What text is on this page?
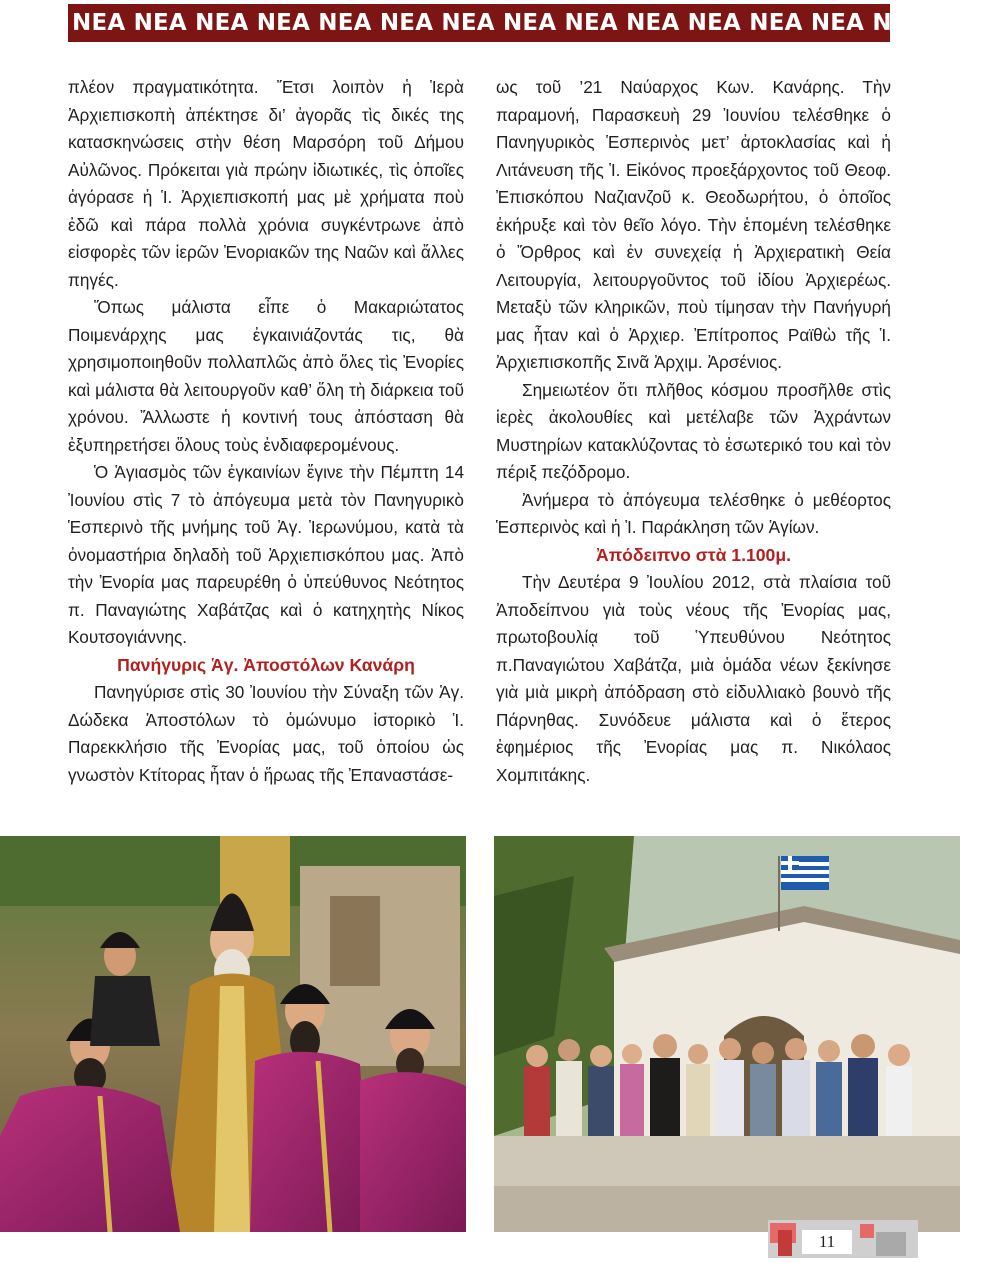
ΝΕΑ ΝΕΑ ΝΕΑ ΝΕΑ ΝΕΑ ΝΕΑ ΝΕΑ ΝΕΑ ΝΕΑ ΝΕΑ ΝΕΑ ΝΕΑ ΝΕΑ ΝΕΑ ΝΕΑ

πλέον πραγματικότητα. Ἔτσι λοιπὸν ἡ Ἱερὰ Ἀρχιεπισκοπὴ ἀπέκτησε δι’ ἀγορᾶς τὶς δικές της κατασκηνώσεις στὴν θέση Μαρσόρη τοῦ Δήμου Αὐλῶνος. Πρόκειται γιὰ πρώην ἰδιωτικές, τὶς ὁποῖες ἀγόρασε ἡ Ἱ. Ἀρχιεπισκοπή μας μὲ χρήματα ποὺ ἐδῶ καὶ πάρα πολλὰ χρόνια συγκέντρωνε ἀπὸ εἰσφορὲς τῶν ἱερῶν Ἐνοριακῶν της Ναῶν καὶ ἄλλες πηγές.

Ὅπως μάλιστα εἶπε ὁ Μακαριώτατος Ποιμενάρχης μας ἐγκαινιάζοντάς τις, θὰ χρησιμοποιηθοῦν πολλαπλῶς ἀπὸ ὅλες τὶς Ἐνορίες καὶ μάλιστα θὰ λειτουργοῦν καθ’ ὅλη τὴ διάρκεια τοῦ χρόνου. Ἄλλωστε ἡ κοντινή τους ἀπόσταση θὰ ἐξυπηρετήσει ὅλους τοὺς ἐνδιαφερομένους.

Ὁ Ἁγιασμὸς τῶν ἐγκαινίων ἔγινε τὴν Πέμπτη 14 Ἰουνίου στὶς 7 τὸ ἀπόγευμα μετὰ τὸν Πανηγυρικὸ Ἑσπερινὸ τῆς μνήμης τοῦ Ἁγ. Ἱερωνύμου, κατὰ τὰ ὀνομαστήρια δηλαδὴ τοῦ Ἀρχιεπισκόπου μας. Ἀπὸ τὴν Ἐνορία μας παρευρέθη ὁ ὑπεύθυνος Νεότητος π. Παναγιώτης Χαβάτζας καὶ ὁ κατηχητὴς Νίκος Κουτσογιάννης.

Πανήγυρις Ἁγ. Ἀποστόλων Κανάρη

Πανηγύρισε στὶς 30 Ἰουνίου τὴν Σύναξη τῶν Ἁγ. Δώδεκα Ἀποστόλων τὸ ὁμώνυμο ἱστορικὸ Ἱ. Παρεκκλήσιο τῆς Ἐνορίας μας, τοῦ ὁποίου ὡς γνωστὸν Κτίτορας ἦταν ὁ ἥρωας τῆς Ἐπαναστάσε-

ως τοῦ ’21 Ναύαρχος Κων. Κανάρης. Τὴν παραμονή, Παρασκευὴ 29 Ἰουνίου τελέσθηκε ὁ Πανηγυρικὸς Ἑσπερινὸς μετ’ ἀρτοκλασίας καὶ ἡ Λιτάνευση τῆς Ἱ. Εἰκόνος προεξάρχοντος τοῦ Θεοφ. Ἐπισκόπου Ναζιανζοῦ κ. Θεοδωρήτου, ὁ ὁποῖος ἐκήρυξε καὶ τὸν θεῖο λόγο. Τὴν ἑπομένη τελέσθηκε ὁ Ὄρθρος καὶ ἐν συνεχείᾳ ἡ Ἀρχιερατικὴ Θεία Λειτουργία, λειτουργοῦντος τοῦ ἰδίου Ἀρχιερέως. Μεταξὺ τῶν κληρικῶν, ποὺ τίμησαν τὴν Πανήγυρή μας ἦταν καὶ ὁ Ἀρχιερ. Ἐπίτροπος Ραϊθὼ τῆς Ἱ. Ἀρχιεπισκοπῆς Σινᾶ Ἀρχιμ. Ἀρσένιος.

Σημειωτέον ὅτι πλῆθος κόσμου προσῆλθε στὶς ἱερὲς ἀκολουθίες καὶ μετέλαβε τῶν Ἀχράντων Μυστηρίων κατακλύζοντας τὸ ἐσωτερικό του καὶ τὸν πέριξ πεζόδρομο.

Ἀνήμερα τὸ ἀπόγευμα τελέσθηκε ὁ μεθέορτος Ἑσπερινὸς καὶ ἡ Ἱ. Παράκληση τῶν Ἁγίων.

Ἀπόδειπνο στὰ 1.100μ.

Τὴν Δευτέρα 9 Ἰουλίου 2012, στὰ πλαίσια τοῦ Ἀποδείπνου γιὰ τοὺς νέους τῆς Ἐνορίας μας, πρωτοβουλίᾳ τοῦ Ὑπευθύνου Νεότητος π.Παναγιώτου Χαβάτζα, μιὰ ὁμάδα νέων ξεκίνησε γιὰ μιὰ μικρὴ ἀπόδραση στὸ εἰδυλλιακὸ βουνὸ τῆς Πάρνηθας. Συνόδευε μάλιστα καὶ ὁ ἕτερος ἐφημέριος τῆς Ἐνορίας μας π. Νικόλαος Χομπιτάκης.

11
